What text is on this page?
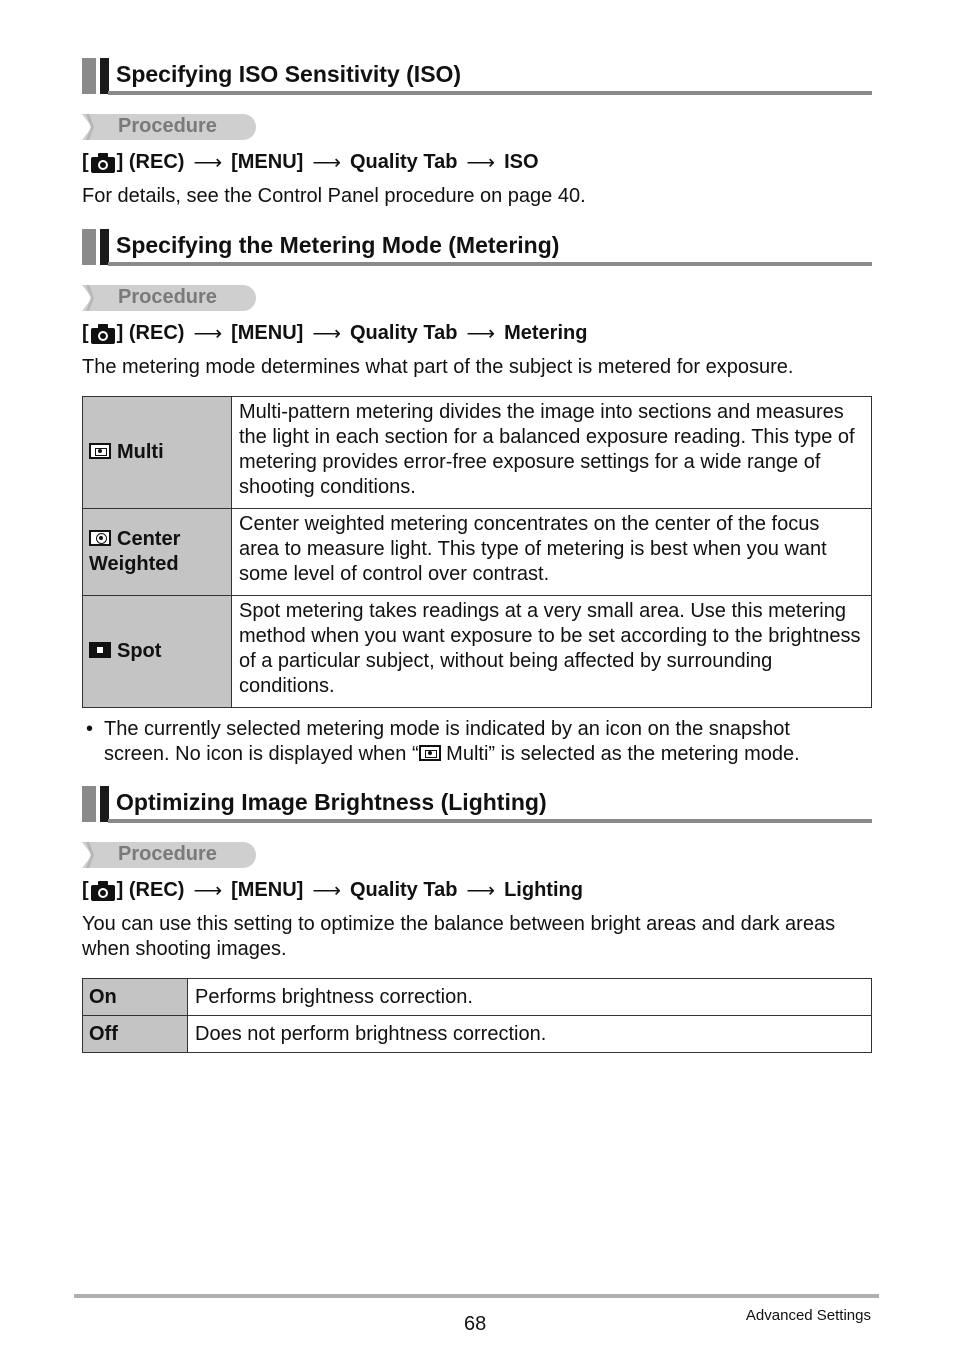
Specifying ISO Sensitivity (ISO)
Procedure
[ ] (REC) ⟶ [MENU] ⟶ Quality Tab ⟶ ISO
For details, see the Control Panel procedure on page 40.
Specifying the Metering Mode (Metering)
Procedure
[ ] (REC) ⟶ [MENU] ⟶ Quality Tab ⟶ Metering
The metering mode determines what part of the subject is metered for exposure.
Multi	Multi-pattern metering divides the image into sections and measures the light in each section for a balanced exposure reading. This type of metering provides error-free exposure settings for a wide range of shooting conditions.

Center
Weighted	Center weighted metering concentrates on the center of the focus area to measure light. This type of metering is best when you want some level of control over contrast.

Spot	Spot metering takes readings at a very small area. Use this metering method when you want exposure to be set according to the brightness of a particular subject, without being affected by surrounding conditions.
• The currently selected metering mode is indicated by an icon on the snapshot
screen. No icon is displayed when “
Multi” is selected as the metering mode.
Optimizing Image Brightness (Lighting)
Procedure
[ ] (REC) ⟶ [MENU] ⟶ Quality Tab ⟶ Lighting
You can use this setting to optimize the balance between bright areas and dark areas when shooting images.
On	Performs brightness correction.
Off	Does not perform brightness correction.
68	Advanced Settings
